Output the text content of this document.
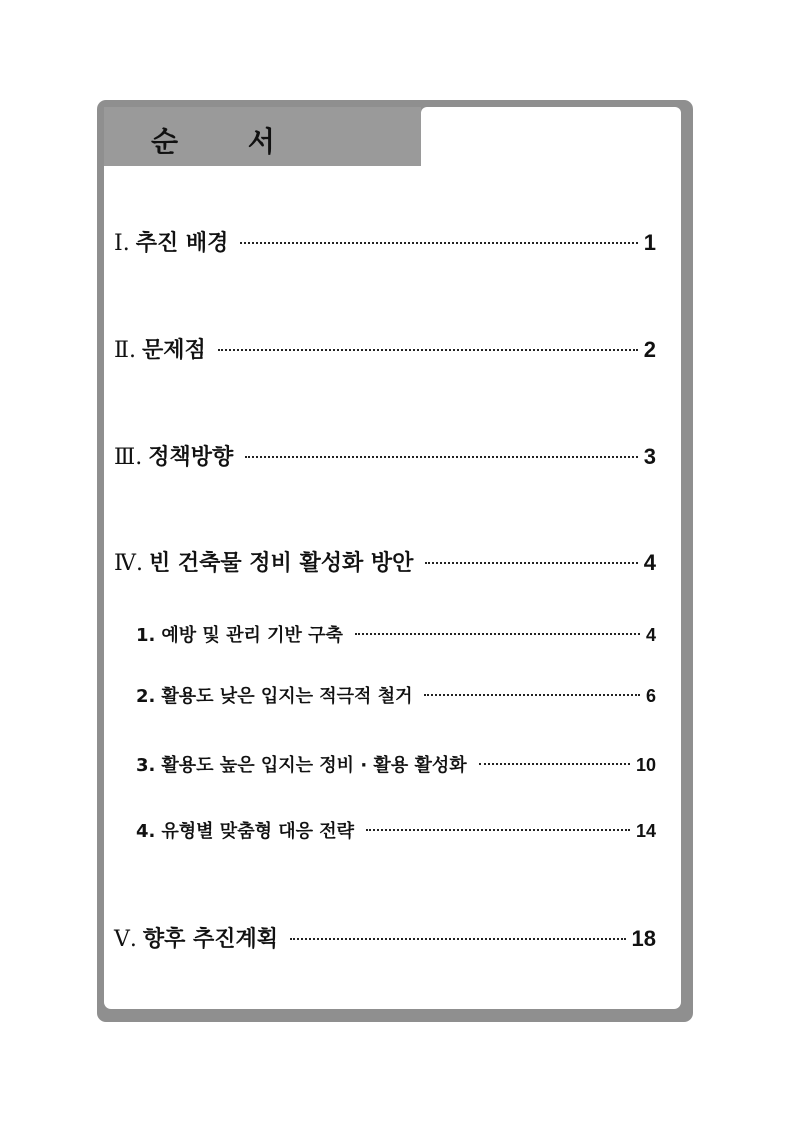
순 서
Ⅰ. 추진 배경	1
Ⅱ. 문제점	2
Ⅲ. 정책방향	3
Ⅳ. 빈 건축물 정비 활성화 방안	4
1. 예방 및 관리 기반 구축	4
2. 활용도 낮은 입지는 적극적 철거	6
3. 활용도 높은 입지는 정비 · 활용 활성화	10
4. 유형별 맞춤형 대응 전략	14
Ⅴ. 향후 추진계획	18
